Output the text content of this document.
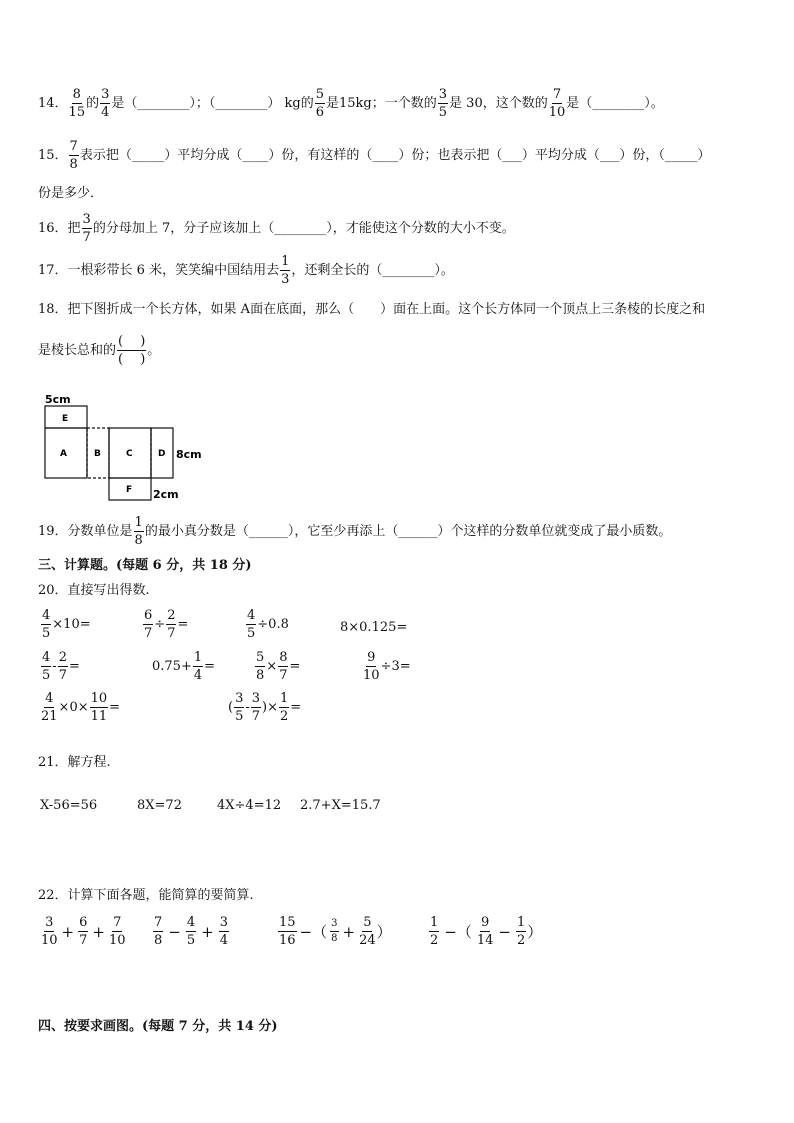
14． $\frac{8}{15}$ 的 $\frac{3}{4}$ 是（________）；（________） kg的 $\frac{5}{6}$ 是15kg；一个数的 $\frac{3}{5}$ 是 30，这个数的 $\frac{7}{10}$ 是（________）。
15． $\frac{7}{8}$ 表示把（_____）平均分成（____）份，有这样的（____）份；也表示把（___）平均分成（___）份，（_____）
份是多少．
16．把 $\frac{3}{7}$ 的分母加上 7，分子应该加上（________），才能使这个分数的大小不变。
17．一根彩带长 6 米，笑笑编中国结用去 $\frac{1}{3}$ ，还剩全长的（________）。
18．把下图折成一个长方体，如果 A面在底面，那么（　　）面在上面。这个长方体同一个顶点上三条棱的长度之和
是棱长总和的 $\frac{( )}{( )}$ 。
5cm
8cm
2cm
E
A	B	C	D
F
19．分数单位是 $\frac{1}{8}$ 的最小真分数是（______），它至少再添上（______）个这样的分数单位就变成了最小质数。
三、计算题。(每题 6 分，共 18 分)
20．直接写出得数.
$\frac{4}{5} \times 10=$	$\frac{6}{7} \div \frac{2}{7}$ =	$\frac{4}{5} \div 0.8$	8×0.125=
$\frac{4}{5} - \frac{2}{7}$ =	$0.75+ \frac{1}{4}$ =	$\frac{5}{8} \times \frac{8}{7}$ =	$\frac{9}{10} \div 3=$
$\frac{4}{21} \times 0\times \frac{10}{11}$ =	( $\frac{3}{5} - \frac{3}{7}$ )× $\frac{1}{2}$ =
21．解方程.
X-56=56	8X=72	4X÷4=12 2.7+X=15.7
22．计算下面各题，能简算的要简算.
$\frac{3}{10} + \frac{6}{7} + \frac{7}{10} \frac{7}{8} - \frac{4}{5} + \frac{3}{4}$	$\frac{15}{16}$ −（ $\frac{3}{8} + \frac{5}{24}$ ）	$\frac{1}{2}$ −（ $\frac{9}{14} - \frac{1}{2}$ ）
四、按要求画图。(每题 7 分，共 14 分)
